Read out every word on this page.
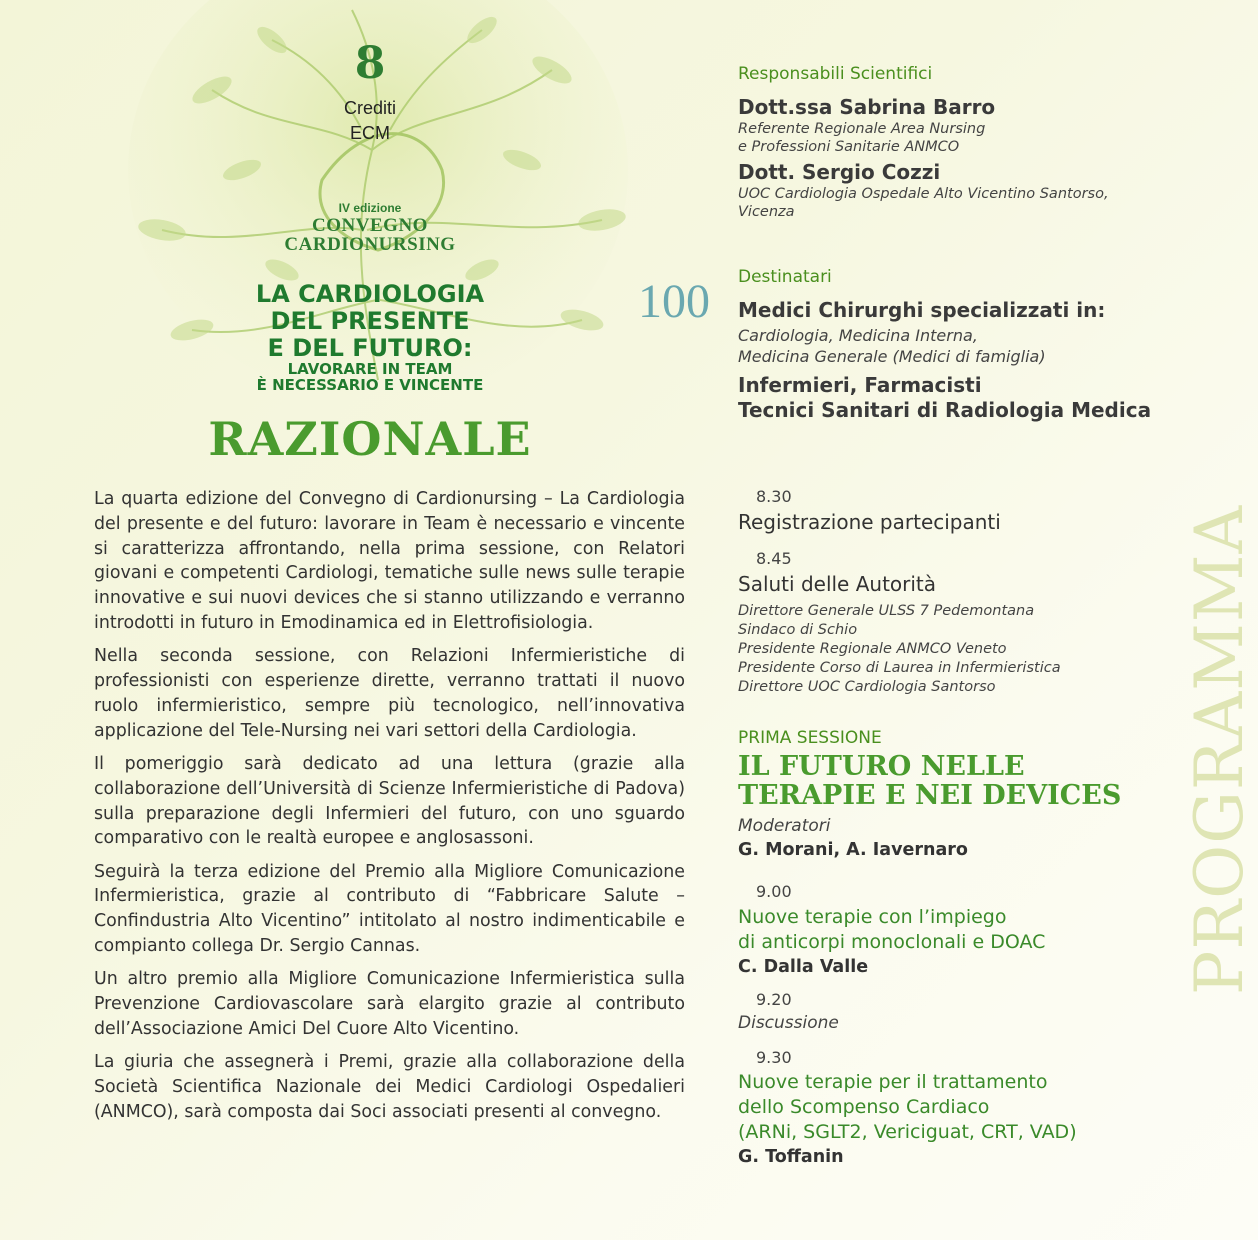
8
Crediti
ECM
IV edizione
CONVEGNO
CARDIONURSING
LA CARDIOLOGIA
DEL PRESENTE
E DEL FUTURO:
LAVORARE IN TEAM
È NECESSARIO E VINCENTE
RAZIONALE

La quarta edizione del Convegno di Cardionursing – La Cardiologia del presente e del futuro: lavorare in Team è necessario e vincente si caratterizza affrontando, nella prima sessione, con Relatori giovani e competenti Cardiologi, tematiche sulle news sulle terapie innovative e sui nuovi devices che si stanno utilizzando e verranno introdotti in futuro in Emodinamica ed in Elettrofisiologia.

Nella seconda sessione, con Relazioni Infermieristiche di professionisti con esperienze dirette, verranno trattati il nuovo ruolo infermieristico, sempre più tecnologico, nell’innovativa applicazione del Tele-Nursing nei vari settori della Cardiologia.

Il pomeriggio sarà dedicato ad una lettura (grazie alla collaborazione dell’Università di Scienze Infermieristiche di Padova) sulla preparazione degli Infermieri del futuro, con uno sguardo comparativo con le realtà europee e anglosassoni.

Seguirà la terza edizione del Premio alla Migliore Comunicazione Infermieristica, grazie al contributo di “Fabbricare Salute – Confindustria Alto Vicentino” intitolato al nostro indimenticabile e compianto collega Dr. Sergio Cannas.

Un altro premio alla Migliore Comunicazione Infermieristica sulla Prevenzione Cardiovascolare sarà elargito grazie al contributo dell’Associazione Amici Del Cuore Alto Vicentino.

La giuria che assegnerà i Premi, grazie alla collaborazione della Società Scientifica Nazionale dei Medici Cardiologi Ospedalieri (ANMCO), sarà composta dai Soci associati presenti al convegno.

Responsabili Scientifici
Dott.ssa Sabrina Barro
Referente Regionale Area Nursing
e Professioni Sanitarie ANMCO
Dott. Sergio Cozzi
UOC Cardiologia Ospedale Alto Vicentino Santorso,
Vicenza
100 Destinatari
Medici Chirurghi specializzati in:
Cardiologia, Medicina Interna,
Medicina Generale (Medici di famiglia)
Infermieri, Farmacisti
Tecnici Sanitari di Radiologia Medica
8.30
Registrazione partecipanti
8.45
Saluti delle Autorità
Direttore Generale ULSS 7 Pedemontana
Sindaco di Schio
Presidente Regionale ANMCO Veneto
Presidente Corso di Laurea in Infermieristica
Direttore UOC Cardiologia Santorso
PRIMA SESSIONE
IL FUTURO NELLE
TERAPIE E NEI DEVICES
Moderatori
G. Morani, A. Iavernaro
9.00
Nuove terapie con l’impiego
di anticorpi monoclonali e DOAC
C. Dalla Valle
9.20
Discussione
9.30
Nuove terapie per il trattamento
dello Scompenso Cardiaco
(ARNi, SGLT2, Vericiguat, CRT, VAD)
G. Toffanin
PROGRAMMA
